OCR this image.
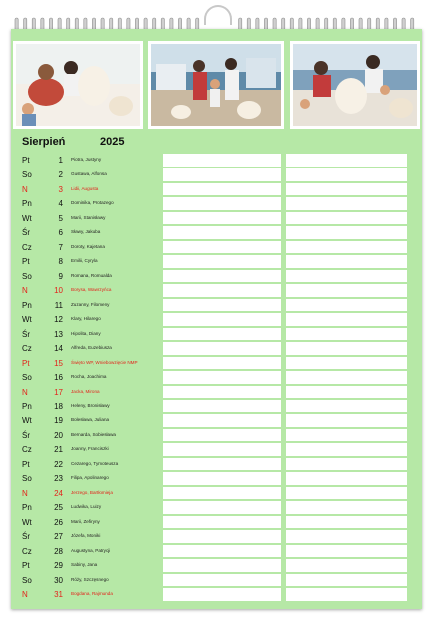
Sierpień	2025
Pt	1 Piotra, Justyny
So	2 Gustawa, Alfonsa
N	3 Lidii, Augusta
Pn	4 Dominika, Protazego
Wt	5 Marii, Stanisławy
Śr	6 Sławy, Jakuba
Cz	7 Doroty, Kajetana
Pt	8 Emilii, Cyryla
So	9 Romana, Romualda
N	10 Borysa, Wawrzyńca
Pn	11 Zuzanny, Filomeny
Wt	12 Klary, Hilarego
Śr	13 Hipolita, Diany
Cz	14 Alfreda, Euzebiusza
Pt	15 Święto WP, Wniebowzięcie NMP
So	16 Rocha, Joachima
N	17 Jacka, Mirona
Pn	18 Heleny, Bronisławy
Wt	19 Bolesława, Juliana
Śr	20 Bernarda, Sobiesława
Cz	21 Joanny, Franciszki
Pt	22 Cezarego, Tymoteusza
So	23 Filipa, Apolinarego
N	24 Jerzego, Bartłomieja
Pn	25 Ludwika, Luizy
Wt	26 Marii, Zefiryny
Śr	27 Józefa, Moniki
Cz	28 Augustyna, Patrycji
Pt	29 Sabiny, Jana
So	30 Róży, Szczęsnego
N	31 Bogdana, Rajmunda
